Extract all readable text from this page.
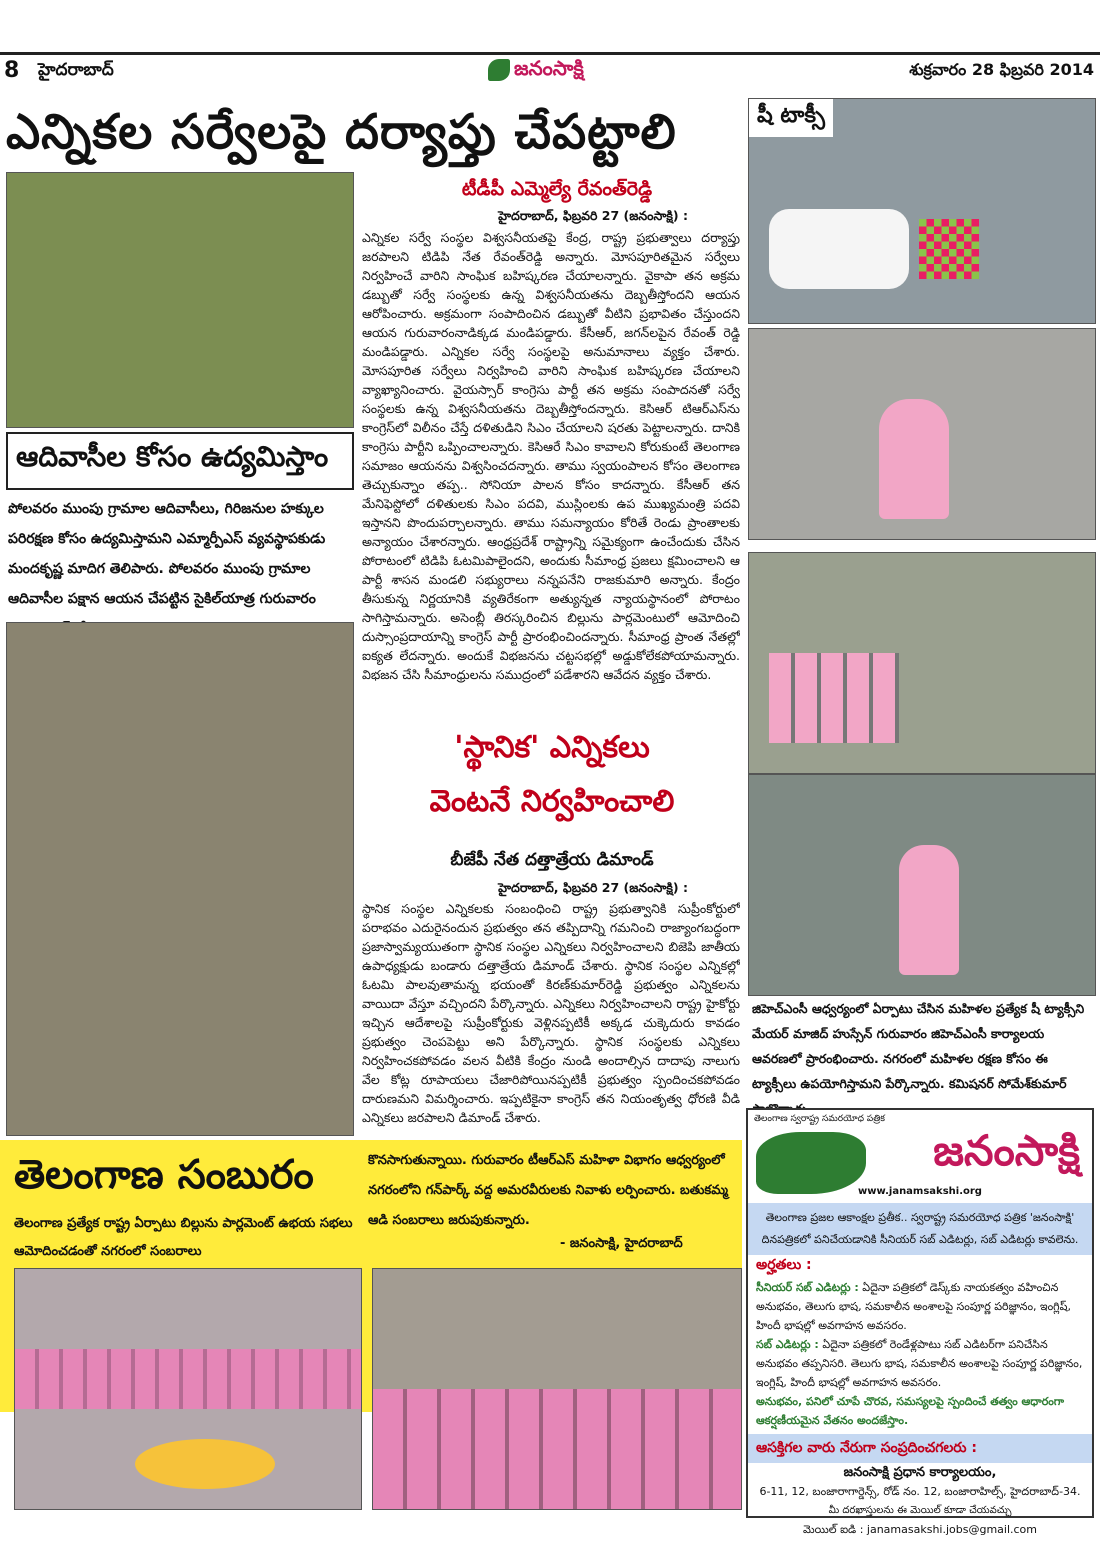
8 హైదరాబాద్	జనంసాక్షి	శుక్రవారం 28 ఫిబ్రవరి 2014
ఎన్నికల సర్వేలపై దర్యాప్తు చేపట్టాలి
ఆదివాసీల కోసం ఉద్యమిస్తాం
పోలవరం ముంపు గ్రామాల ఆదివాసీలు, గిరిజనుల హక్కుల పరిరక్షణ కోసం ఉద్యమిస్తామని ఎమ్మార్పీఎస్‌ వ్యవస్థాపకుడు మందకృష్ణ మాదిగ తెలిపారు. పోలవరం ముంపు గ్రామాల ఆదివాసీల పక్షాన ఆయన చేపట్టిన సైకిల్‌యాత్ర గురువారం
టీడీపీ ఎమ్మెల్యే రేవంత్‌రెడ్డి
హైదరాబాద్‌, ఫిబ్రవరి 27 (జనంసాక్షి) :
ఎన్నికల సర్వే సంస్థల విశ్వసనీయతపై కేంద్ర, రాష్ట్ర ప్రభుత్వాలు దర్యాప్తు జరపాలని టిడిపి నేత రేవంత్‌రెడ్డి అన్నారు. మోసపూరితమైన సర్వేలు నిర్వహించే వారిని సాంఘిక బహిష్కరణ చేయాలన్నారు. వైకాపా తన అక్రమ డబ్బుతో సర్వే సంస్థలకు ఉన్న విశ్వసనీయతను దెబ్బతీస్తోందని ఆయన ఆరోపించారు. అక్రమంగా సంపాదించిన డబ్బుతో వీటిని ప్రభావితం చేస్తుందని ఆయన గురువారంనాడిక్కడ మండిపడ్డారు. కేసీఆర్‌, జగన్‌లపైన రేవంత్‌ రెడ్డి మండిపడ్డారు. ఎన్నికల సర్వే సంస్థలపై అనుమానాలు వ్యక్తం చేశారు. మోసపూరిత సర్వేలు నిర్వహించి వారిని సాంఘిక బహిష్కరణ చేయాలని వ్యాఖ్యానించారు. వైయస్సార్‌ కాంగ్రెసు పార్టీ తన అక్రమ సంపాదనతో సర్వే సంస్థలకు ఉన్న విశ్వసనీయతను దెబ్బతీస్తోందన్నారు. కెసిఆర్‌ టిఆర్‌ఎస్‌ను కాంగ్రెస్‌లో విలీనం చేస్తే దళితుడిని సిఎం చేయాలని షరతు పెట్టాలన్నారు. దానికి కాంగ్రెసు పార్టీని ఒప్పించాలన్నారు. కెసిఆరే సిఎం కావాలని కోరుకుంటే తెలంగాణ సమాజం ఆయనను విశ్వసించదన్నారు. తాము స్వయంపాలన కోసం తెలంగాణ తెచ్చుకున్నాం తప్ప.. సోనియా పాలన కోసం కాదన్నారు. కేసీఆర్‌ తన మేనిఫెస్టోలో దళితులకు సిఎం పదవి, ముస్లింలకు ఉప ముఖ్యమంత్రి పదవి ఇస్తానని పొందుపర్చాలన్నారు. తాము సమన్యాయం కోరితే రెండు ప్రాంతాలకు అన్యాయం చేశారన్నారు. ఆంధ్రప్రదేశ్‌ రాష్ట్రాన్ని సమైక్యంగా ఉంచేందుకు చేసిన పోరాటంలో టిడిపి ఓటమిపాలైందని, అందుకు సీమాంధ్ర ప్రజలు క్షమించాలని ఆ పార్టీ శాసన మండలి సభ్యురాలు నన్నపనేని రాజకుమారి అన్నారు. కేంద్రం తీసుకున్న నిర్ణయానికి వ్యతిరేకంగా అత్యున్నత న్యాయస్థానంలో పోరాటం సాగిస్తామన్నారు. అసెంబ్లీ తిరస్కరించిన బిల్లును పార్లమెంటులో ఆమోదించి దుస్సాంప్రదాయాన్ని కాంగ్రెస్‌ పార్టీ ప్రారంభించిందన్నారు. సీమాంధ్ర ప్రాంత నేతల్లో ఐక్యత లేదన్నారు. అందుకే విభజనను చట్టసభల్లో అడ్డుకోలేకపోయామన్నారు. విభజన చేసి సీమాంధ్రులను సముద్రంలో పడేశారని ఆవేదన వ్యక్తం చేశారు.
'స్థానిక' ఎన్నికలు
వెంటనే నిర్వహించాలి
బీజేపీ నేత దత్తాత్రేయ డిమాండ్‌
హైదరాబాద్‌, ఫిబ్రవరి 27 (జనంసాక్షి) :
స్థానిక సంస్థల ఎన్నికలకు సంబంధించి రాష్ట్ర ప్రభుత్వానికి సుప్రీంకోర్టులో పరాభవం ఎదురైనందున ప్రభుత్వం తన తప్పిదాన్ని గమనించి రాజ్యాంగబద్ధంగా ప్రజాస్వామ్యయుతంగా స్థానిక సంస్థల ఎన్నికలు నిర్వహించాలని బిజెపి జాతీయ ఉపాధ్యక్షుడు బండారు దత్తాత్రేయ డిమాండ్‌ చేశారు. స్థానిక సంస్థల ఎన్నికల్లో ఓటమి పాలవుతామన్న భయంతో కిరణ్‌కుమార్‌రెడ్డి ప్రభుత్వం ఎన్నికలను వాయిదా వేస్తూ వచ్చిందని పేర్కొన్నారు. ఎన్నికలు నిర్వహించాలని రాష్ట్ర హైకోర్టు ఇచ్చిన ఆదేశాలపై సుప్రీంకోర్టుకు వెళ్లినప్పటికీ అక్కడ చుక్కెదురు కావడం ప్రభుత్వం చెంపపెట్టు అని పేర్కొన్నారు. స్థానిక సంస్థలకు ఎన్నికలు నిర్వహించకపోవడం వలన వీటికి కేంద్రం నుండి అందాల్సిన దాదాపు నాలుగు వేల కోట్ల రూపాయలు చేజారిపోయినప్పటికీ ప్రభుత్వం స్పందించకపోవడం దారుణమని విమర్శించారు. ఇప్పటికైనా కాంగ్రెస్‌ తన నియంతృత్వ ధోరణి వీడి ఎన్నికలు జరపాలని డిమాండ్‌ చేశారు.
షీ టాక్సీ
జిహెచ్‌ఎంసీ ఆధ్వర్యంలో ఏర్పాటు చేసిన మహిళల ప్రత్యేక షీ ట్యాక్సీని మేయర్‌ మాజిద్‌ హుస్సేన్‌ గురువారం జిహెచ్‌ఎంసీ కార్యాలయ ఆవరణలో ప్రారంభించారు. నగరంలో మహిళల రక్షణ కోసం ఈ ట్యాక్సీలు ఉపయోగిస్తామని పేర్కొన్నారు. కమిషనర్‌ సోమేశ్‌కుమార్‌
తెలంగాణ సంబురం
తెలంగాణ ప్రత్యేక రాష్ట్ర ఏర్పాటు బిల్లును పార్లమెంట్‌ ఉభయ సభలు ఆమోదించడంతో నగరంలో సంబరాలు
కొనసాగుతున్నాయి. గురువారం టీఆర్‌ఎస్‌ మహిళా విభాగం ఆధ్వర్యంలో నగరంలోని గన్‌పార్క్‌ వద్ద అమరవీరులకు నివాళు లర్పించారు. బతుకమ్మ ఆడి సంబరాలు జరుపుకున్నారు.
- జనంసాక్షి, హైదరాబాద్‌
తెలంగాణ స్వరాష్ట్ర సమరయోధ పత్రిక
జనంసాక్షి
www.janamsakshi.org
తెలంగాణ ప్రజల ఆకాంక్షల ప్రతీక.. స్వరాష్ట్ర సమరయోధ పత్రిక 'జనంసాక్షి' దినపత్రికలో పనిచేయడానికి సీనియర్‌ సబ్‌ ఎడిటర్లు, సబ్‌ ఎడిటర్లు కావలెను.
అర్హతలు :
సీనియర్‌ సబ్‌ ఎడిటర్లు : ఏదైనా పత్రికలో డెస్క్‌కు నాయకత్వం వహించిన అనుభవం, తెలుగు భాష, సమకాలీన అంశాలపై సంపూర్ణ పరిజ్ఞానం, ఇంగ్లిష్‌, హిందీ భాషల్లో అవగాహన అవసరం.
సబ్‌ ఎడిటర్లు : ఏదైనా పత్రికలో రెండేళ్లపాటు సబ్‌ ఎడిటర్‌గా పనిచేసిన అనుభవం తప్పనిసరి. తెలుగు భాష, సమకాలీన అంశాలపై సంపూర్ణ పరిజ్ఞానం, ఇంగ్లిష్‌, హిందీ భాషల్లో అవగాహన అవసరం.
అనుభవం, పనిలో చూపే చొరవ, సమస్యలపై స్పందించే తత్వం ఆధారంగా ఆకర్షణీయమైన వేతనం అందజేస్తాం.
ఆసక్తిగల వారు నేరుగా సంప్రదించగలరు :
జనంసాక్షి ప్రధాన కార్యాలయం,
6-11, 12, బంజారాగార్డెన్స్‌, రోడ్‌ నం. 12, బంజారాహిల్స్‌, హైదరాబాద్‌-34.
మీ దరఖాస్తులను ఈ మెయిల్‌ కూడా చేయవచ్చు
మెయిల్‌ ఐడి : janamasakshi.jobs@gmail.com
